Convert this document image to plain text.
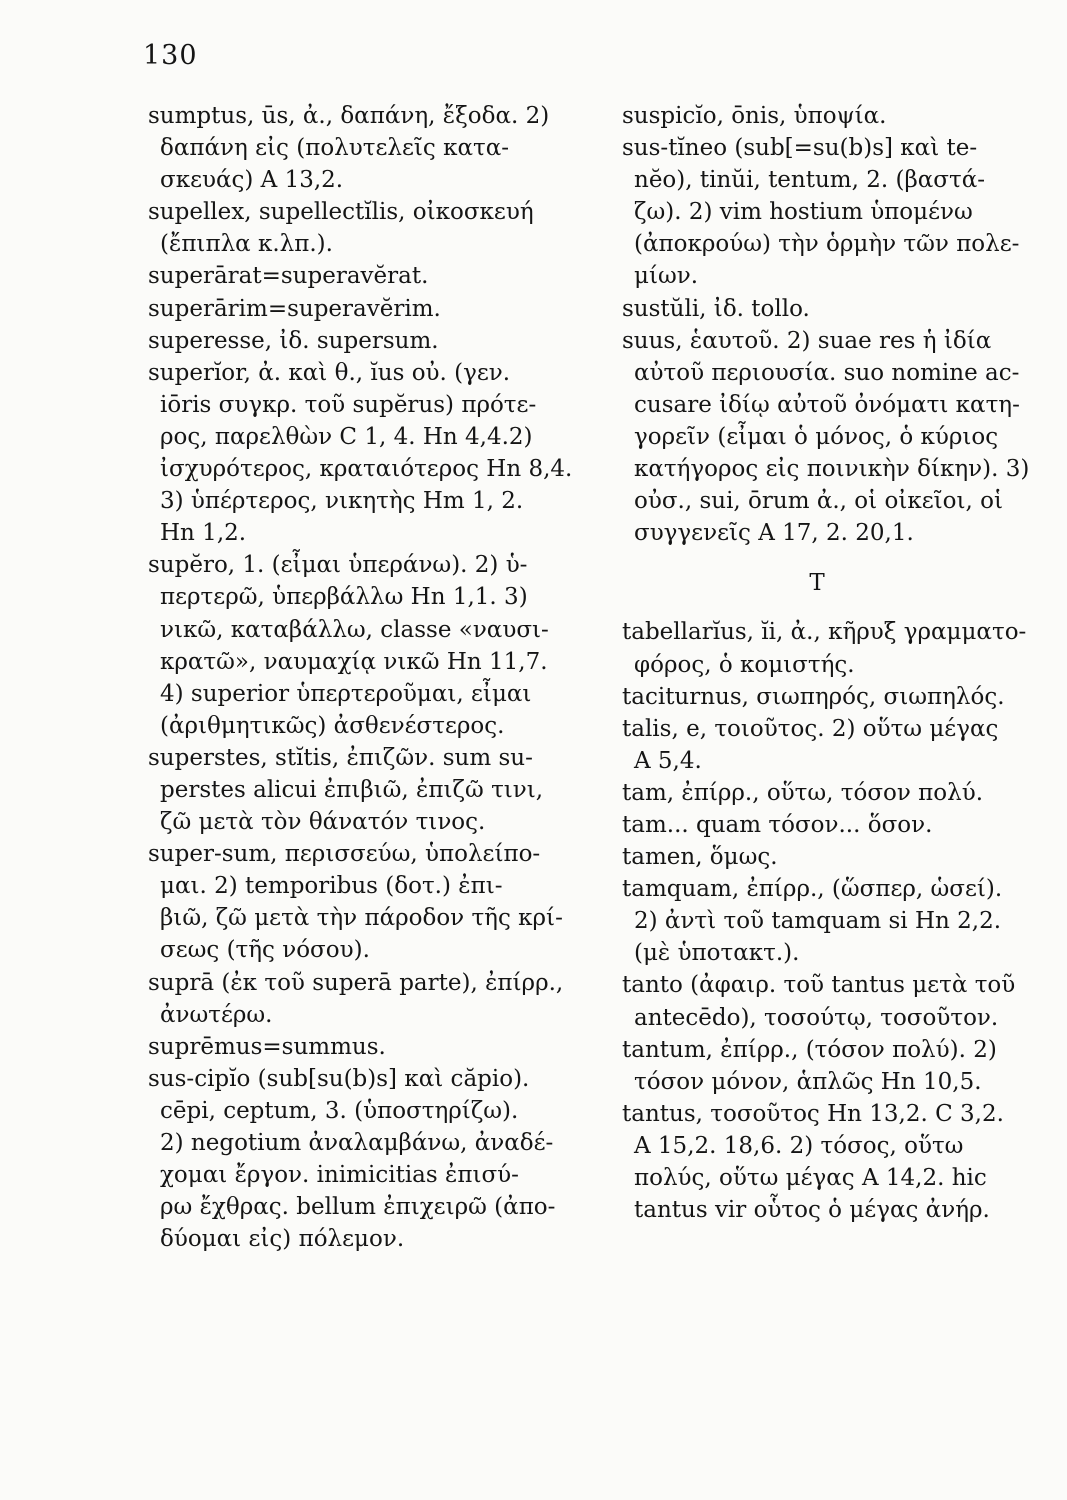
130
sumptus, ūs, ἀ., δαπάνη, ἔξοδα. 2)
δαπάνη εἰς (πολυτελεῖς κατα-
σκευάς) A 13,2.
supellex, supellectĭlis, οἰκοσκευή
(ἔπιπλα κ.λπ.).
superārat=superavĕrat.
superārim=superavĕrim.
superesse, ἰδ. supersum.
superĭor, ἀ. καὶ θ., ĭus οὐ. (γεν.
iōris συγκρ. τοῦ supĕrus) πρότε-
ρος, παρελθὼν C 1, 4. Hn 4,4.2)
ἰσχυρότερος, κραταιότερος Hn 8,4.
3) ὑπέρτερος, νικητὴς Hm 1, 2.
Hn 1,2.
supĕro, 1. (εἶμαι ὑπεράνω). 2) ὑ-
περτερῶ, ὑπερβάλλω Hn 1,1. 3)
νικῶ, καταβάλλω, classe «ναυσι-
κρατῶ», ναυμαχίᾳ νικῶ Hn 11,7.
4) superior ὑπερτεροῦμαι, εἶμαι
(ἀριθμητικῶς) ἀσθενέστερος.
superstes, stĭtis, ἐπιζῶν. sum su-
perstes alicui ἐπιβιῶ, ἐπιζῶ τινι,
ζῶ μετὰ τὸν θάνατόν τινος.
super-sum, περισσεύω, ὑπολείπο-
μαι. 2) temporibus (δοτ.) ἐπι-
βιῶ, ζῶ μετὰ τὴν πάροδον τῆς κρί-
σεως (τῆς νόσου).
suprā (ἐκ τοῦ superā parte), ἐπίρρ.,
ἀνωτέρω.
suprēmus=summus.
sus-cipĭo (sub[su(b)s] καὶ căpio).
cēpi, ceptum, 3. (ὑποστηρίζω).
2) negotium ἀναλαμβάνω, ἀναδέ-
χομαι ἔργον. inimicitias ἐπισύ-
ρω ἔχθρας. bellum ἐπιχειρῶ (ἀπο-
δύομαι εἰς) πόλεμον.
suspicĭo, ōnis, ὑποψία.
sus-tĭneo (sub[=su(b)s] καὶ te-
nĕo), tinŭi, tentum, 2. (βαστά-
ζω). 2) vim hostium ὑπομένω
(ἀποκρούω) τὴν ὁρμὴν τῶν πολε-
μίων.
sustŭli, ἰδ. tollo.
suus, ἑαυτοῦ. 2) suae res ἡ ἰδία
αὐτοῦ περιουσία. suo nomine ac-
cusare ἰδίῳ αὐτοῦ ὀνόματι κατη-
γορεῖν (εἶμαι ὁ μόνος, ὁ κύριος
κατήγορος εἰς ποινικὴν δίκην). 3)
οὐσ., sui, ōrum ἀ., οἱ οἰκεῖοι, οἱ
συγγενεῖς A 17, 2. 20,1.
T
tabellarĭus, ĭi, ἀ., κῆρυξ γραμματο-
φόρος, ὁ κομιστής.
taciturnus, σιωπηρός, σιωπηλός.
talis, e, τοιοῦτος. 2) οὕτω μέγας
A 5,4.
tam, ἐπίρρ., οὕτω, τόσον πολύ.
tam... quam τόσον... ὅσον.
tamen, ὅμως.
tamquam, ἐπίρρ., (ὥσπερ, ὡσεί).
2) ἀντὶ τοῦ tamquam si Hn 2,2.
(μὲ ὑποτακτ.).
tanto (ἀφαιρ. τοῦ tantus μετὰ τοῦ
antecēdo), τοσούτῳ, τοσοῦτον.
tantum, ἐπίρρ., (τόσον πολύ). 2)
τόσον μόνον, ἁπλῶς Hn 10,5.
tantus, τοσοῦτος Hn 13,2. C 3,2.
A 15,2. 18,6. 2) τόσος, οὕτω
πολύς, οὕτω μέγας A 14,2. hic
tantus vir οὗτος ὁ μέγας ἀνήρ.
